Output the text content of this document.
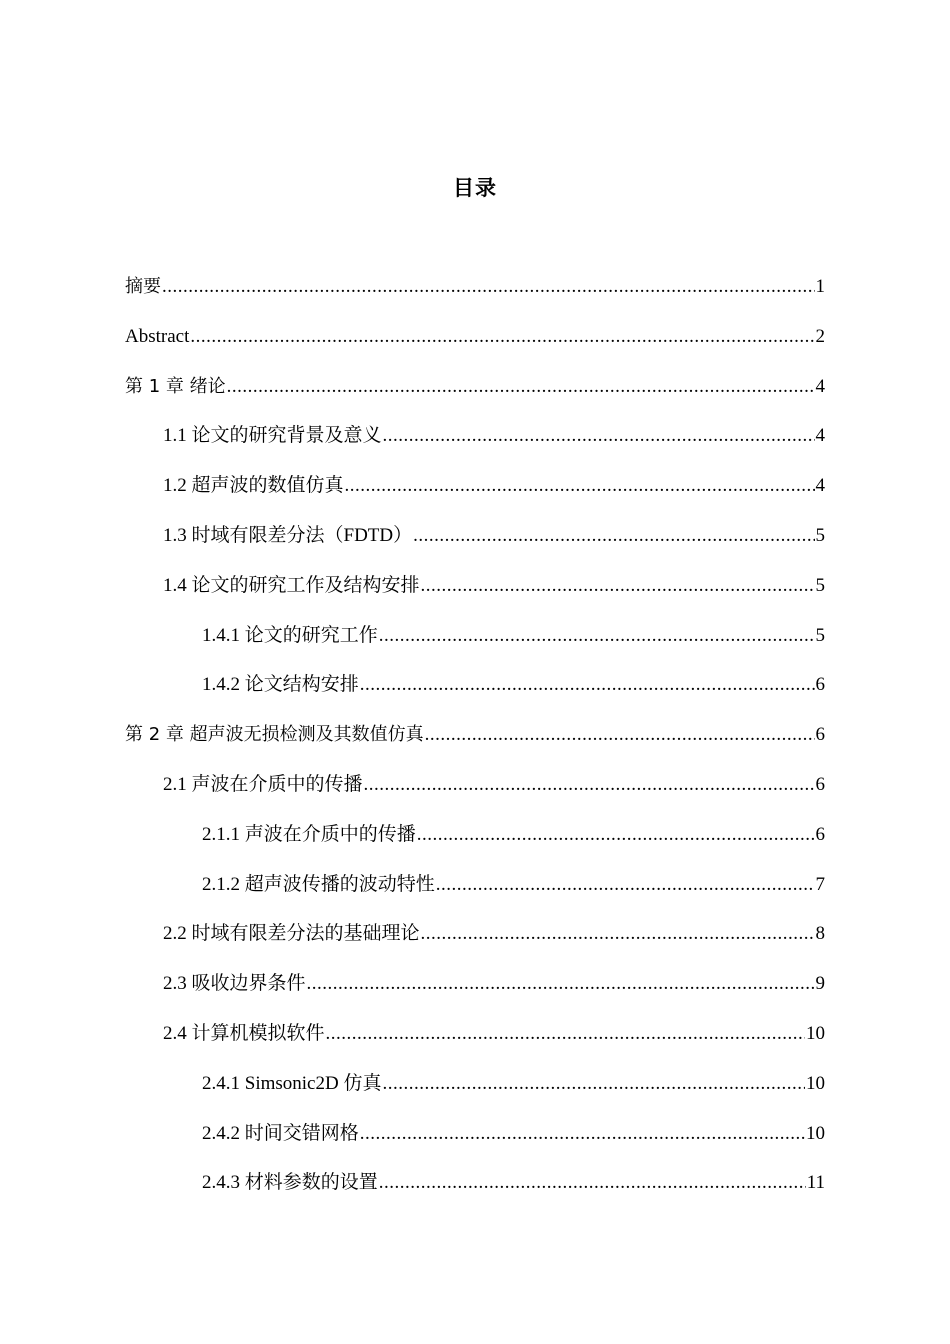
目录
摘要 .....	1
Abstract .....	2
第 1 章 绪论 .....	4
1.1 论文的研究背景及意义 .....	4
1.2 超声波的数值仿真 .....	4
1.3 时域有限差分法（FDTD） .....	5
1.4 论文的研究工作及结构安排 .....	5
1.4.1 论文的研究工作 .....	5
1.4.2 论文结构安排 .....	6
第 2 章 超声波无损检测及其数值仿真 .....	6
2.1 声波在介质中的传播 .....	6
2.1.1 声波在介质中的传播 .....	6
2.1.2 超声波传播的波动特性 .....	7
2.2 时域有限差分法的基础理论 .....	8
2.3 吸收边界条件 .....	9
2.4 计算机模拟软件 .....	10
2.4.1 Simsonic2D 仿真 .....	10
2.4.2 时间交错网格 .....	10
2.4.3 材料参数的设置 .....	11
